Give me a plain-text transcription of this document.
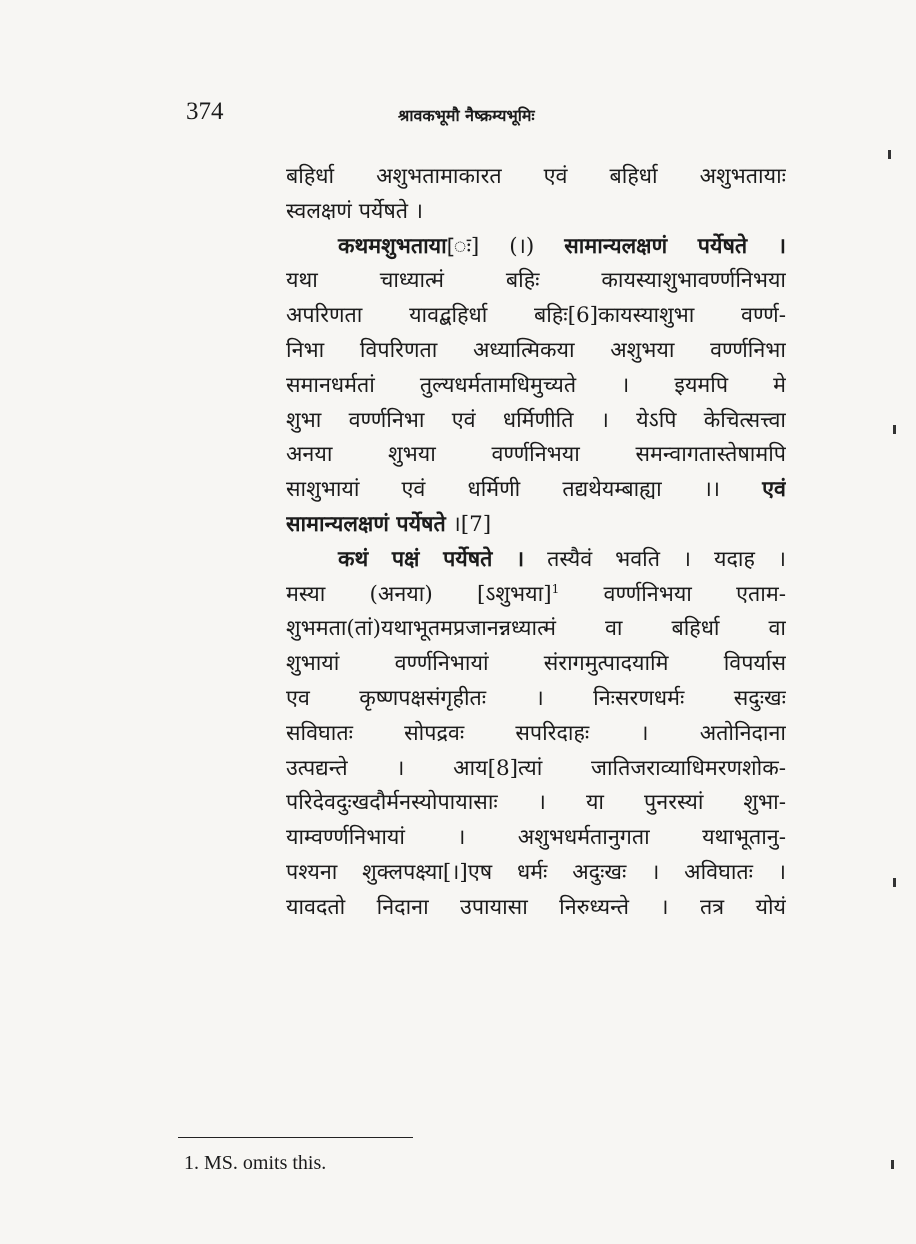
374	श्रावकभूमौ नैष्क्रम्यभूमिः
बहिर्धा अशुभतामाकारत एवं बहिर्धा अशुभतायाः
स्वलक्षणं पर्येषते ।
कथमशुभताया[ः] (।) सामान्यलक्षणं पर्येषते ।
यथा चाध्यात्मं बहिः कायस्याशुभावर्ण्णनिभया
अपरिणता यावद्बहिर्धा बहिः[6]कायस्याशुभा वर्ण्ण-
निभा विपरिणता अध्यात्मिकया अशुभया वर्ण्णनिभा
समानधर्मतां तुल्यधर्मतामधिमुच्यते । इयमपि मे
शुभा वर्ण्णनिभा एवं धर्मिणीति । येऽपि केचित्सत्त्वा
अनया शुभया वर्ण्णनिभया समन्वागतास्तेषामपि
साशुभायां एवं धर्मिणी तद्यथेयम्बाह्या ।। एवं
सामान्यलक्षणं पर्येषते ।[7]
कथं पक्षं पर्येषते । तस्यैवं भवति । यदाह ।
मस्या (अनया) [ऽशुभया]$^1$ वर्ण्णनिभया एताम-
शुभमता(तां)यथाभूतमप्रजानन्नध्यात्मं वा बहिर्धा वा
शुभायां वर्ण्णनिभायां संरागमुत्पादयामि विपर्यास
एव कृष्णपक्षसंगृहीतः । निःसरणधर्मः सदुःखः
सविघातः सोपद्रवः सपरिदाहः । अतोनिदाना
उत्पद्यन्ते । आय[8]त्यां जातिजराव्याधिमरणशोक-
परिदेवदुःखदौर्मनस्योपायासाः । या पुनरस्यां शुभा-
याम्वर्ण्णनिभायां । अशुभधर्मतानुगता यथाभूतानु-
पश्यना शुक्लपक्ष्या[।]एष धर्मः अदुःखः । अविघातः ।
यावदतो निदाना उपायासा निरुध्यन्ते । तत्र योयं
1. MS. omits this.
